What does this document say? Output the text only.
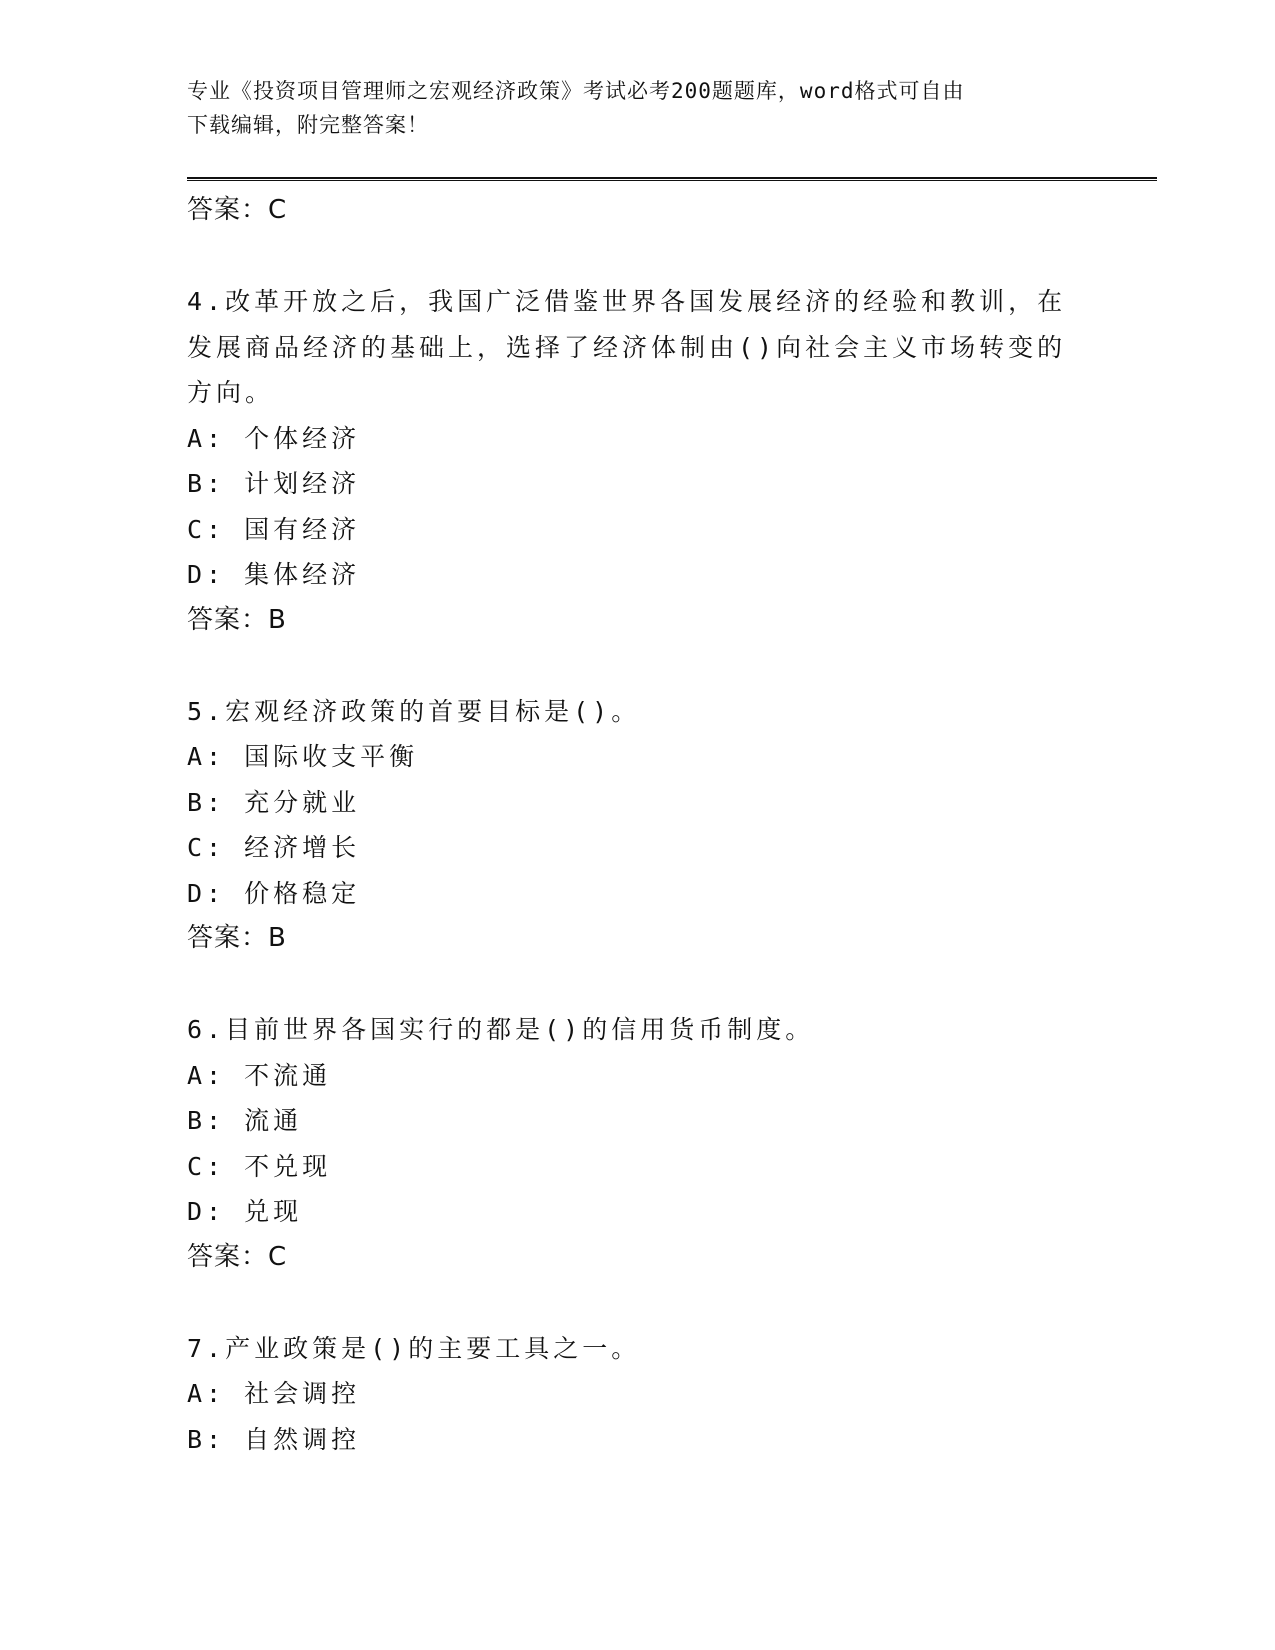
专业《投资项目管理师之宏观经济政策》考试必考200题题库，word格式可自由
下载编辑，附完整答案！
答案：C
4.改革开放之后，我国广泛借鉴世界各国发展经济的经验和教训，在
发展商品经济的基础上，选择了经济体制由()向社会主义市场转变的
方向。
A: 个体经济
B: 计划经济
C: 国有经济
D: 集体经济
答案：B
5.宏观经济政策的首要目标是()。
A: 国际收支平衡
B: 充分就业
C: 经济增长
D: 价格稳定
答案：B
6.目前世界各国实行的都是()的信用货币制度。
A: 不流通
B: 流通
C: 不兑现
D: 兑现
答案：C
7.产业政策是()的主要工具之一。
A: 社会调控
B: 自然调控
